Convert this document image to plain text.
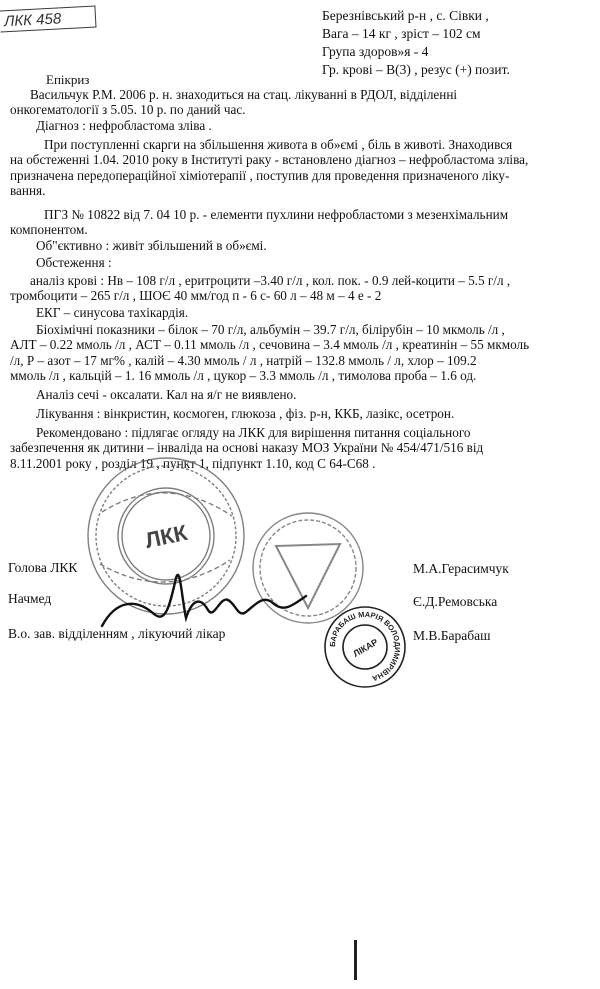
ЛКК 458	Березнівський р-н , с. Сівки ,
Вага – 14 кг , зріст – 102 см
Група здоров»я - 4
Гр. крові – В(3) , резус (+) позит.
Епікриз
Васильчук Р.М. 2006 р. н. знаходиться на стац. лікуванні в РДОЛ, відділенні
онкогематології з 5.05. 10 р. по даний час.
Діагноз : нефробластома зліва .
При поступленні скарги на збільшення живота в об»ємі , біль в животі. Знаходився
на обстеженні 1.04. 2010 року в Інституті раку - встановлено діагноз – нефробластома зліва,
призначена передопераційної хіміотерапії , поступив для проведення призначеного ліку-
вання.
ПГЗ № 10822 від 7. 04 10 р. - елементи пухлини нефробластоми з мезенхімальним
компонентом.
Об"єктивно : живіт збільшений в об»ємі.
Обстеження :
аналіз крові : Нв – 108 г/л , еритроцити –3.40 г/л , кол. пок. - 0.9 лей-коцити – 5.5 г/л ,
тромбоцити – 265 г/л , ШОЄ 40 мм/год п - 6 с- 60 л – 48 м – 4 е - 2
ЕКГ – синусова тахікардія.
Біохімічні показники – білок – 70 г/л, альбумін – 39.7 г/л, білірубін – 10 мкмоль /л ,
АЛТ – 0.22 ммоль /л , АСТ – 0.11 ммоль /л , сечовина – 3.4 ммоль /л , креатинін – 55 мкмоль
/л, Р – азот – 17 мг% , калій – 4.30 ммоль / л , натрій – 132.8 ммоль / л, хлор – 109.2
ммоль /л , кальцій – 1. 16 ммоль /л , цукор – 3.3 ммоль /л , тимолова проба – 1.6 од.
Аналіз сечі - оксалати. Кал на я/г не виявлено.
Лікування : вінкристин, космоген, глюкоза , фіз. р-н, ККБ, лазікс, осетрон.
Рекомендовано : підлягає огляду на ЛКК для вирішення питання соціального
забезпечення як дитини – інваліда на основі наказу МОЗ України № 454/471/516 від
8.11.2001 року , розділ 19 , пункт 1, підпункт 1.10, код С 64-С68 .
ЛКК
Голова ЛКК	М.А.Герасимчук
Начмед	Є.Д.Ремовська
В.о. зав. відділенням , лікуючий лікар	М.В.Барабаш
БАРАБАШ МАРІЯ ВОЛОДИМИРІВНА
ЛІКАР
